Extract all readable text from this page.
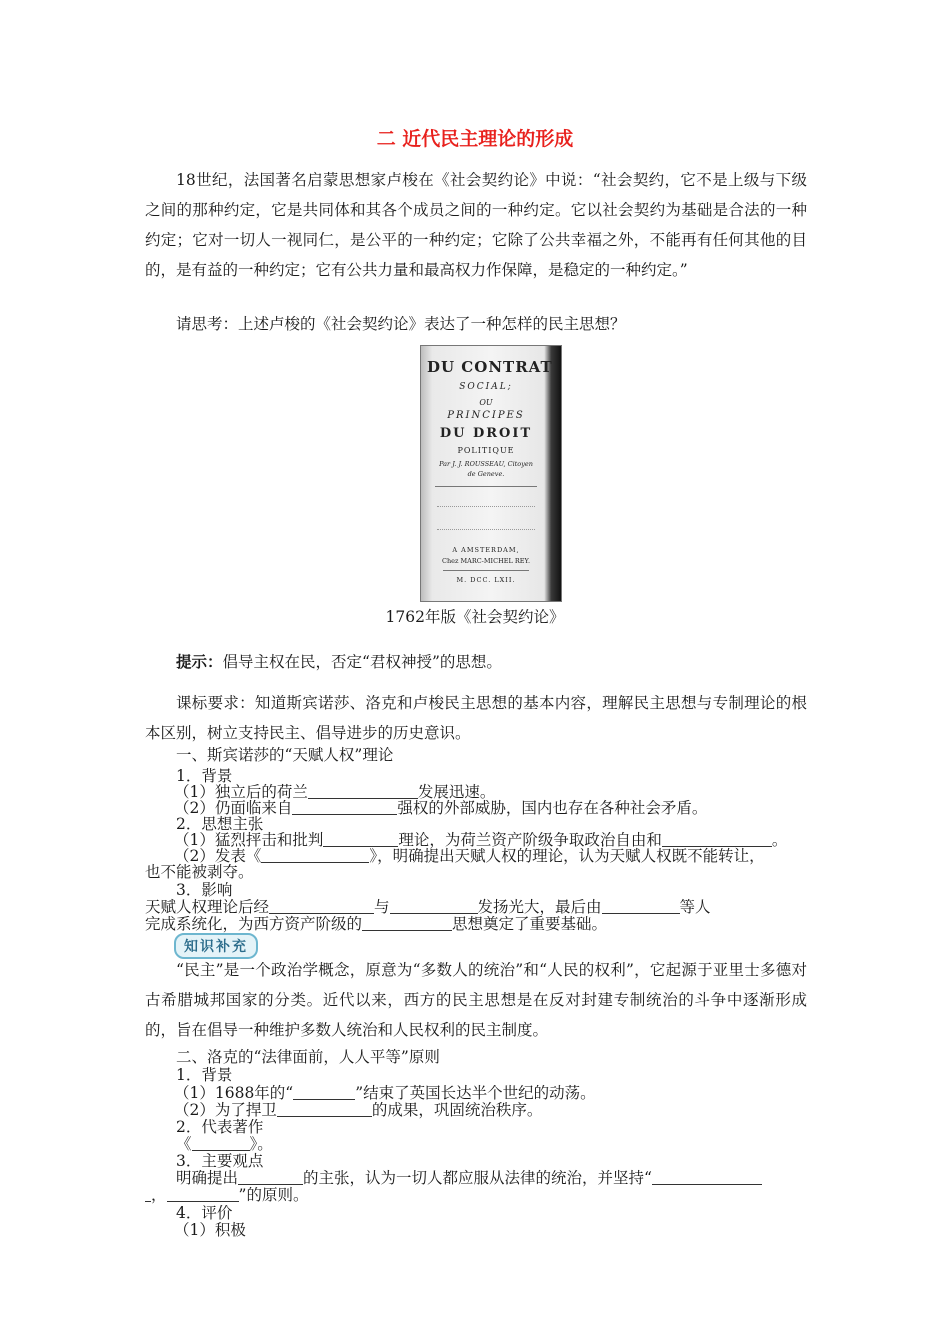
二 近代民主理论的形成
18世纪，法国著名启蒙思想家卢梭在《社会契约论》中说：“社会契约，它不是上级与下级之间的那种约定，它是共同体和其各个成员之间的一种约定。它以社会契约为基础是合法的一种约定；它对一切人一视同仁，是公平的一种约定；它除了公共幸福之外，不能再有任何其他的目的，是有益的一种约定；它有公共力量和最高权力作保障，是稳定的一种约定。”
请思考：上述卢梭的《社会契约论》表达了一种怎样的民主思想？
DU CONTRAT
SOCIAL;
OU
PRINCIPES
DU DROIT
POLITIQUE
Par J. J. ROUSSEAU, Citoyen
de Geneve.
A AMSTERDAM,
Chez MARC-MICHEL REY.
M. DCC. LXII.
1762年版《社会契约论》
提示：倡导主权在民，否定“君权神授”的思想。
课标要求：知道斯宾诺莎、洛克和卢梭民主思想的基本内容，理解民主思想与专制理论的根本区别，树立支持民主、倡导进步的历史意识。
一、斯宾诺莎的“天赋人权”理论
1．背景
（1）独立后的荷兰	发展迅速。
（2）仍面临来自	强权的外部威胁，国内也存在各种社会矛盾。
2．思想主张
（1）猛烈抨击和批判	理论，为荷兰资产阶级争取政治自由和	。
（2）发表《	》，明确提出天赋人权的理论，认为天赋人权既不能转让，
也不能被剥夺。
3．影响
天赋人权理论后经	与	发扬光大，最后由	等人
完成系统化，为西方资产阶级的	思想奠定了重要基础。
知识补充
“民主”是一个政治学概念，原意为“多数人的统治”和“人民的权利”，它起源于亚里士多德对古希腊城邦国家的分类。近代以来，西方的民主思想是在反对封建专制统治的斗争中逐渐形成的，旨在倡导一种维护多数人统治和人民权利的民主制度。
二、洛克的“法律面前，人人平等”原则
1．背景
（1）1688年的“	”结束了英国长达半个世纪的动荡。
（2）为了捍卫	的成果，巩固统治秩序。
2．代表著作
《	》。
3．主要观点
明确提出	的主张，认为一切人都应服从法律的统治，并坚持“
，	”的原则。
4．评价
（1）积极
